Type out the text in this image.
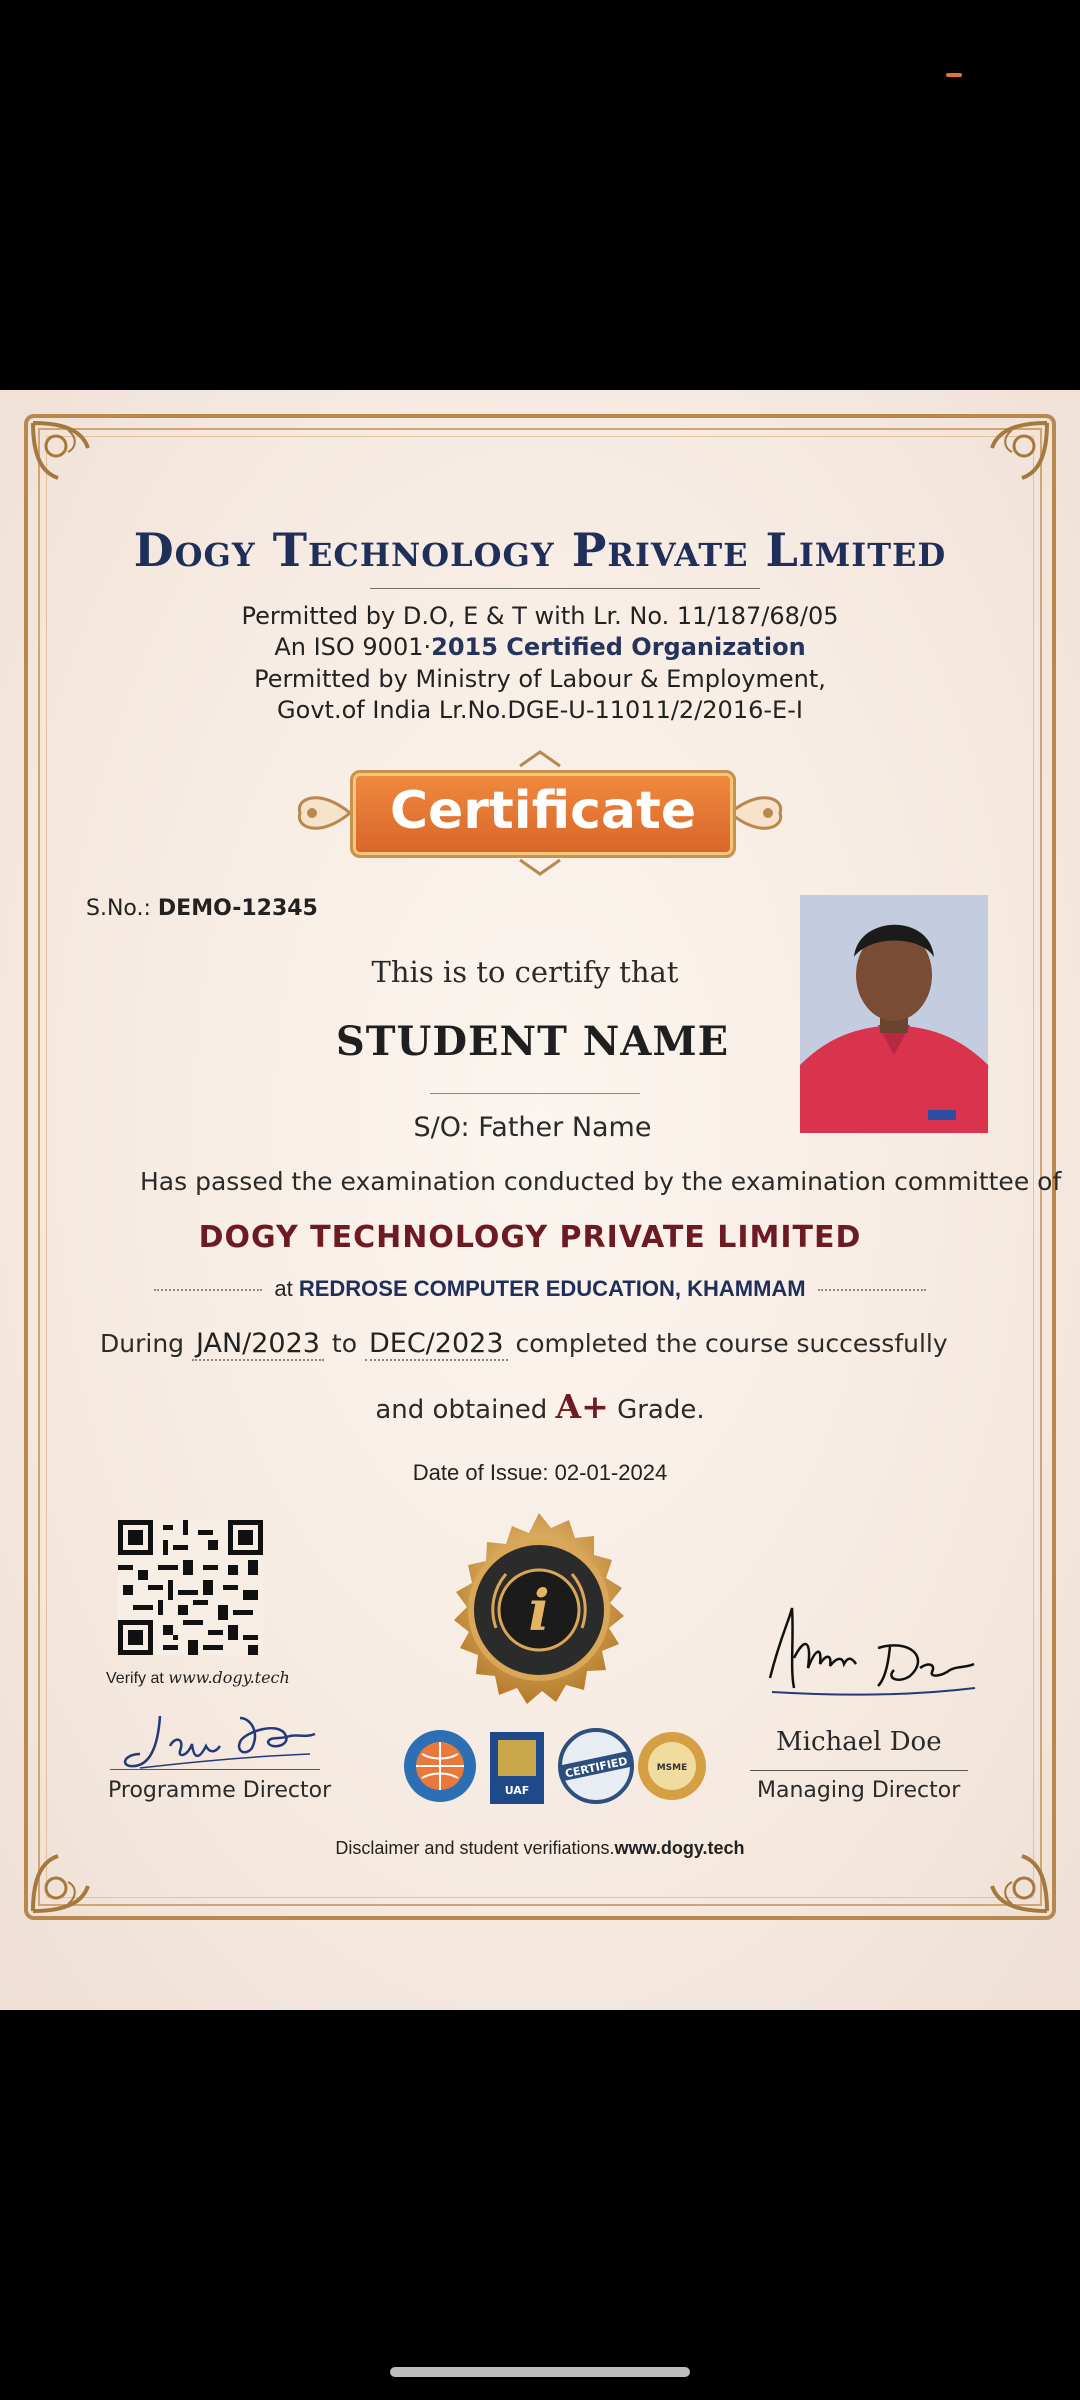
Dogy Technology Private Limited
Permitted by D.O, E & T with Lr. No. 11/187/68/05
An ISO 9001·2015 Certified Organization
Permitted by Ministry of Labour & Employment,
Govt.of India Lr.No.DGE-U-11011/2/2016-E-I
Certificate
S.No.: DEMO-12345
This is to certify that
STUDENT NAME
S/O: Father Name
Has passed the examination conducted by the examination committee of
DOGY TECHNOLOGY PRIVATE LIMITED
at REDROSE COMPUTER EDUCATION, KHAMMAM
During JAN/2023 to DEC/2023 completed the course successfully
and obtained A+ Grade.
Date of Issue: 02-01-2024
Verify at www.dogy.tech
i
Programme Director
Michael Doe
Managing Director
UAF
CERTIFIED	MSME
Disclaimer and student verifiations.www.dogy.tech
